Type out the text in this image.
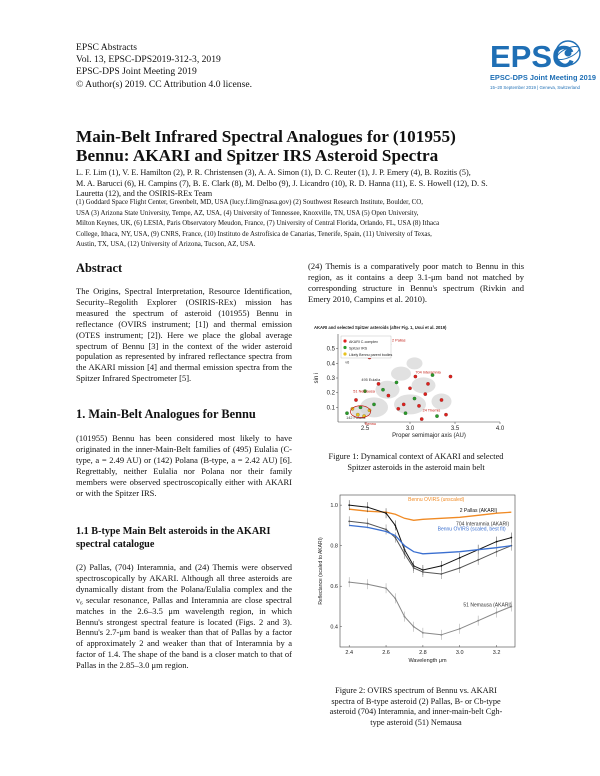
EPSC Abstracts
Vol. 13, EPSC-DPS2019-312-3, 2019
EPSC-DPS Joint Meeting 2019
© Author(s) 2019. CC Attribution 4.0 license.
EPSC
EPSC-DPS Joint Meeting 2019
15–20 September 2019 | Geneva, Switzerland
Main-Belt Infrared Spectral Analogues for (101955)
Bennu: AKARI and Spitzer IRS Asteroid Spectra
L. F. Lim (1), V. E. Hamilton (2), P. R. Christensen (3), A. A. Simon (1), D. C. Reuter (1), J. P. Emery (4), B. Rozitis (5),
M. A. Barucci (6), H. Campins (7), B. E. Clark (8), M. Delbo (9), J. Licandro (10), R. D. Hanna (11), E. S. Howell (12), D. S.
Lauretta (12), and the OSIRIS-REx Team
(1) Goddard Space Flight Center, Greenbelt, MD, USA (lucy.f.lim@nasa.gov) (2) Southwest Research Institute, Boulder, CO,
USA (3) Arizona State University, Tempe, AZ, USA, (4) University of Tennessee, Knoxville, TN, USA (5) Open University,
Milton Keynes, UK, (6) LESIA, Paris Observatory Meudon, France, (7) University of Central Florida, Orlando, FL, USA (8) Ithaca
College, Ithaca, NY, USA, (9) CNRS, France, (10) Instituto de Astrofísica de Canarias, Tenerife, Spain, (11) University of Texas,
Austin, TX, USA, (12) University of Arizona, Tucson, AZ, USA.
Abstract

The Origins, Spectral Interpretation, Resource Identification, Security–Regolith Explorer (OSIRIS-REx) mission has measured the spectrum of asteroid (101955) Bennu in reflectance (OVIRS instrument; [1]) and thermal emission (OTES instrument; [2]). Here we place the global average spectrum of Bennu [3] in the context of the wider asteroid population as represented by infrared reflectance spectra from the AKARI mission [4] and thermal emission spectra from the Spitzer Infrared Spectrometer [5].

1. Main-Belt Analogues for Bennu

(101955) Bennu has been considered most likely to have originated in the inner-Main-Belt families of (495) Eulalia (C-type, a = 2.49 AU) or (142) Polana (B-type, a = 2.42 AU) [6]. Regrettably, neither Eulalia nor Polana nor their family members were observed spectroscopically either with AKARI or with the Spitzer IRS.

1.1 B-type Main Belt asteroids in the AKARI spectral catalogue

(2) Pallas, (704) Interamnia, and (24) Themis were observed spectroscopically by AKARI. Although all three asteroids are dynamically distant from the Polana/Eulalia complex and the ν₆ secular resonance, Pallas and Interamnia are close spectral matches in the 2.6–3.5 μm wavelength region, in which Bennu's strongest spectral feature is located (Figs. 2 and 3). Bennu's 2.7-μm band is weaker than that of Pallas by a factor of approximately 2 and weaker than that of Interamnia by a factor of 1.4. The shape of the band is a closer match to that of Pallas in the 2.85–3.0 μm region.

(24) Themis is a comparatively poor match to Bennu in this region, as it contains a deep 3.1-μm band not matched by corresponding structure in Bennu's spectrum (Rivkin and Emery 2010, Campins et al. 2010).

AKARI and selected Spitzer asteroids (after Fig. 1, Usui et al. 2019)
2.5	3.0	3.5	4.0
0.1
0.2
0.3
0.4
0.5
Proper semimajor axis (AU)
sin i
AKARI C-complex
Spitzer IRS
Likely Bennu parent bodies
2 Pallas
704 Interamnia
24 Themis
51 Nemausa
142 Polana
495 Eulalia
ν6
Bennu

Figure 1: Dynamical context of AKARI and selected

Spitzer asteroids in the asteroid main belt

2.4	2.6	2.8	3.0	3.2
0.4
0.6
0.8
1.0
Wavelength μm
Reflectance (scaled to AKARI)
Bennu OVIRS (unscaled)
2 Pallas (AKARI)
704 Interamnia (AKARI)
Bennu OVIRS (scaled, best fit)
51 Nemausa (AKARI)

Figure 2: OVIRS spectrum of Bennu vs. AKARI

spectra of B-type asteroid (2) Pallas, B- or Cb-type

asteroid (704) Interamnia, and inner-main-belt Cgh-

type asteroid (51) Nemausa
